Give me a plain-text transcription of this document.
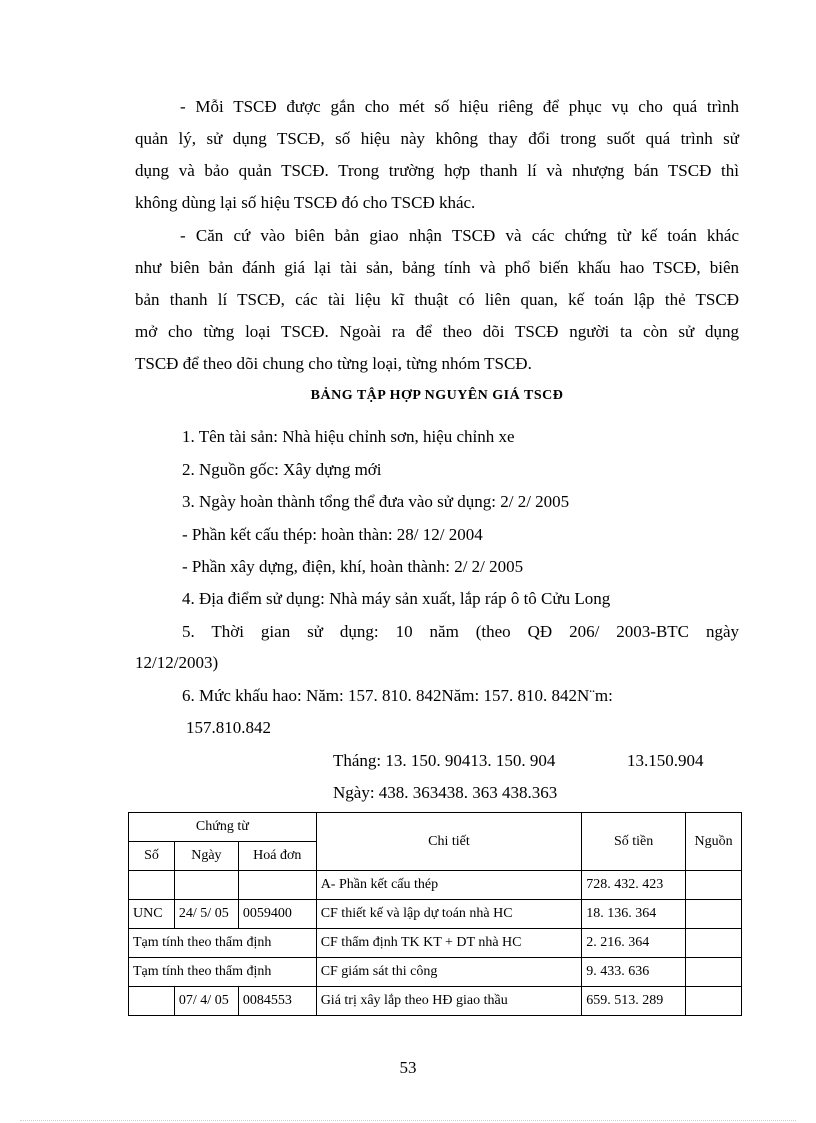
- Mỗi TSCĐ được gắn cho mét số hiệu riêng để phục vụ cho quá trình
quản lý, sử dụng TSCĐ, số hiệu này không thay đổi trong suốt quá trình sử
dụng và bảo quản TSCĐ. Trong trường hợp thanh lí và nhượng bán TSCĐ thì
không dùng lại số hiệu TSCĐ đó cho TSCĐ khác.
- Căn cứ vào biên bản giao nhận TSCĐ và các chứng từ kế toán khác
như biên bản đánh giá lại tài sản, bảng tính và phổ biến khấu hao TSCĐ, biên
bản thanh lí TSCĐ, các tài liệu kĩ thuật có liên quan, kế toán lập thẻ TSCĐ
mở cho từng loại TSCĐ. Ngoài ra để theo dõi TSCĐ người ta còn sử dụng
TSCĐ để theo dõi chung cho từng loại, từng nhóm TSCĐ.
BẢNG TẬP HỢP NGUYÊN GIÁ TSCĐ
1. Tên tài sản: Nhà hiệu chỉnh sơn, hiệu chỉnh xe
2. Nguồn gốc: Xây dựng mới
3. Ngày hoàn thành tổng thể đưa vào sử dụng: 2/ 2/ 2005
- Phần kết cấu thép: hoàn thàn: 28/ 12/ 2004
- Phần xây dựng, điện, khí, hoàn thành: 2/ 2/ 2005
4. Địa điểm sử dụng: Nhà máy sản xuất, lắp ráp ô tô Cửu Long
5. Thời gian sử dụng: 10 năm (theo QĐ 206/ 2003-BTC ngày
12/12/2003)
6. Mức khấu hao: Năm: 157. 810. 842Năm: 157. 810. 842N¨m:
157.810.842
Tháng: 13. 150. 90413. 150. 904	13.150.904
Ngày: 438. 363438. 363 438.363
Chứng từ			Chi tiết	Số tiền	Nguồn
Số	Ngày	Hoá đơn			
			A- Phần kết cấu thép	728. 432. 423	
UNC	24/ 5/ 05	0059400	CF thiết kế và lập dự toán nhà HC	18. 136. 364	
Tạm tính theo thẩm định			CF thẩm định TK KT + DT nhà HC	2. 216. 364	
Tạm tính theo thẩm định			CF giám sát thi công	9. 433. 636	
	07/ 4/ 05	0084553	Giá trị xây lắp theo HĐ giao thầu	659. 513. 289	
53
